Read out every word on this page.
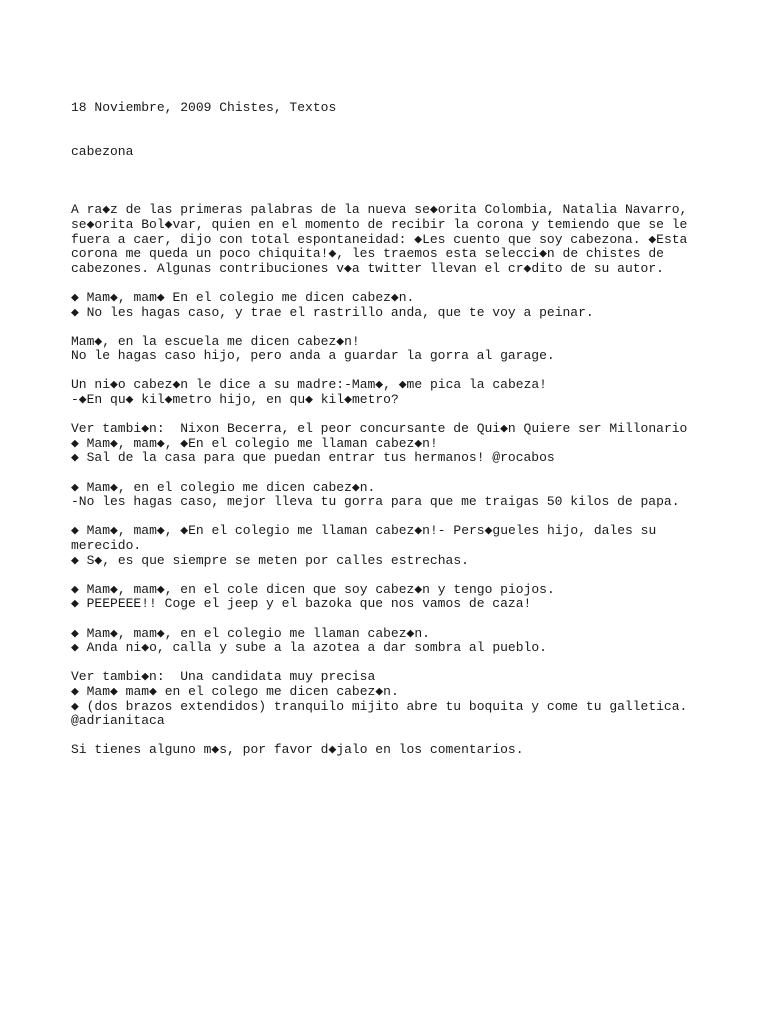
18 Noviembre, 2009 Chistes, Textos

cabezona

A ra◆z de las primeras palabras de la nueva se◆orita Colombia, Natalia Navarro,
se◆orita Bol◆var, quien en el momento de recibir la corona y temiendo que se le
fuera a caer, dijo con total espontaneidad: ◆Les cuento que soy cabezona. ◆Esta
corona me queda un poco chiquita!◆, les traemos esta selecci◆n de chistes de
cabezones. Algunas contribuciones v◆a twitter llevan el cr◆dito de su autor.
◆ Mam◆, mam◆ En el colegio me dicen cabez◆n.
◆ No les hagas caso, y trae el rastrillo anda, que te voy a peinar.
Mam◆, en la escuela me dicen cabez◆n!
No le hagas caso hijo, pero anda a guardar la gorra al garage.
Un ni◆o cabez◆n le dice a su madre:-Mam◆, ◆me pica la cabeza!
-◆En qu◆ kil◆metro hijo, en qu◆ kil◆metro?
Ver tambi◆n:  Nixon Becerra, el peor concursante de Qui◆n Quiere ser Millonario
◆ Mam◆, mam◆, ◆En el colegio me llaman cabez◆n!
◆ Sal de la casa para que puedan entrar tus hermanos! @rocabos
◆ Mam◆, en el colegio me dicen cabez◆n.
-No les hagas caso, mejor lleva tu gorra para que me traigas 50 kilos de papa.
◆ Mam◆, mam◆, ◆En el colegio me llaman cabez◆n!- Pers◆gueles hijo, dales su
merecido.
◆ S◆, es que siempre se meten por calles estrechas.
◆ Mam◆, mam◆, en el cole dicen que soy cabez◆n y tengo piojos.
◆ PEEPEEE!! Coge el jeep y el bazoka que nos vamos de caza!
◆ Mam◆, mam◆, en el colegio me llaman cabez◆n.
◆ Anda ni◆o, calla y sube a la azotea a dar sombra al pueblo.
Ver tambi◆n:  Una candidata muy precisa
◆ Mam◆ mam◆ en el colego me dicen cabez◆n.
◆ (dos brazos extendidos) tranquilo mijito abre tu boquita y come tu galletica.
@adrianitaca
Si tienes alguno m◆s, por favor d◆jalo en los comentarios.
